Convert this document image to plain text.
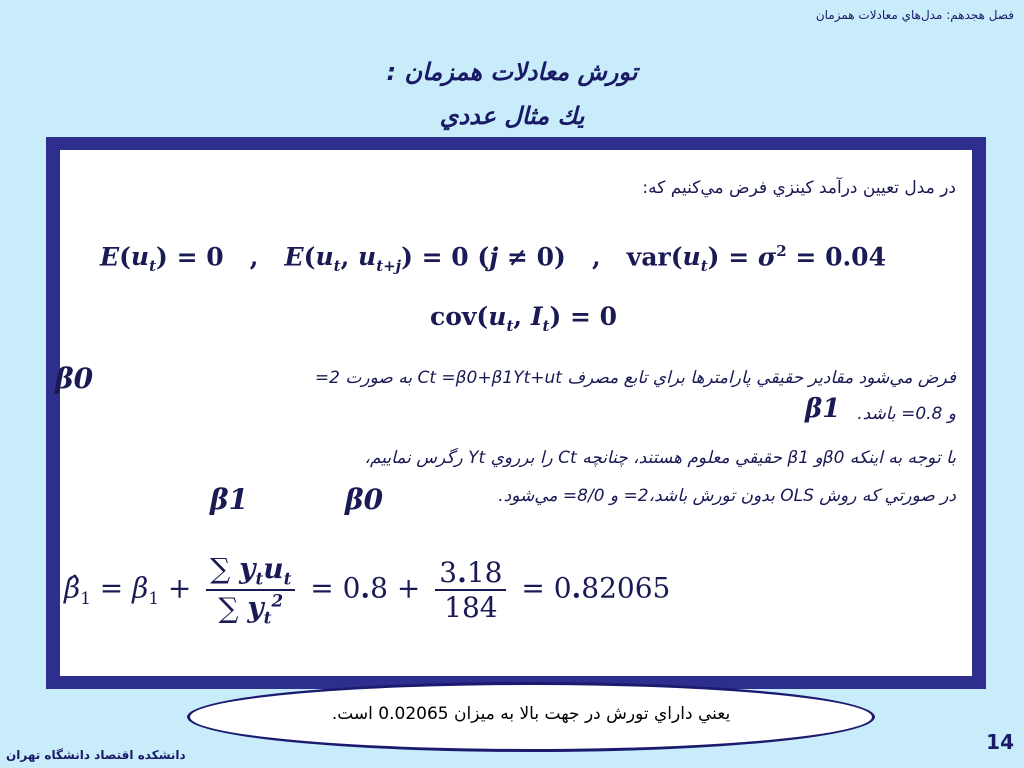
فصل هجدهم: مدل‌هاي معادلات همزمان
تورش معادلات همزمان :
يك مثال عددي
در مدل تعيين درآمد كينزي فرض مي‌كنيم كه:
$E(u_t) = 0$   ,   $E(u_t$, $u_{t+j}) = 0$ (j ≠ 0)   ,   $var(u_t) = \sigma^2 = 0.04$
$cov(u_t$, $I_t) = 0$
β0	فرض مي‌شود مقادير حقيقي پارامترها براي تابع مصرف Ct =β0+β1Yt+ut به صورت 2=
β1 و 0.8= باشد.
با توجه به اينكه β0و β1 حقيقي معلوم هستند، چنانچه Ct را برروي Yt رگرس نماييم،
در صورتي كه روش OLS بدون تورش باشد،2= و 8/0= مي‌شود.
β0
β1
$\betâ_1 = \beta_1 + \frac{\sum y_tu_t}{\sum y_t^2} = 0.8 + \frac{3.18}{184} = 0.82065$
يعني داراي تورش در جهت بالا به ميزان 0.02065 است.
دانشكده اقتصاد دانشگاه تهران
14
